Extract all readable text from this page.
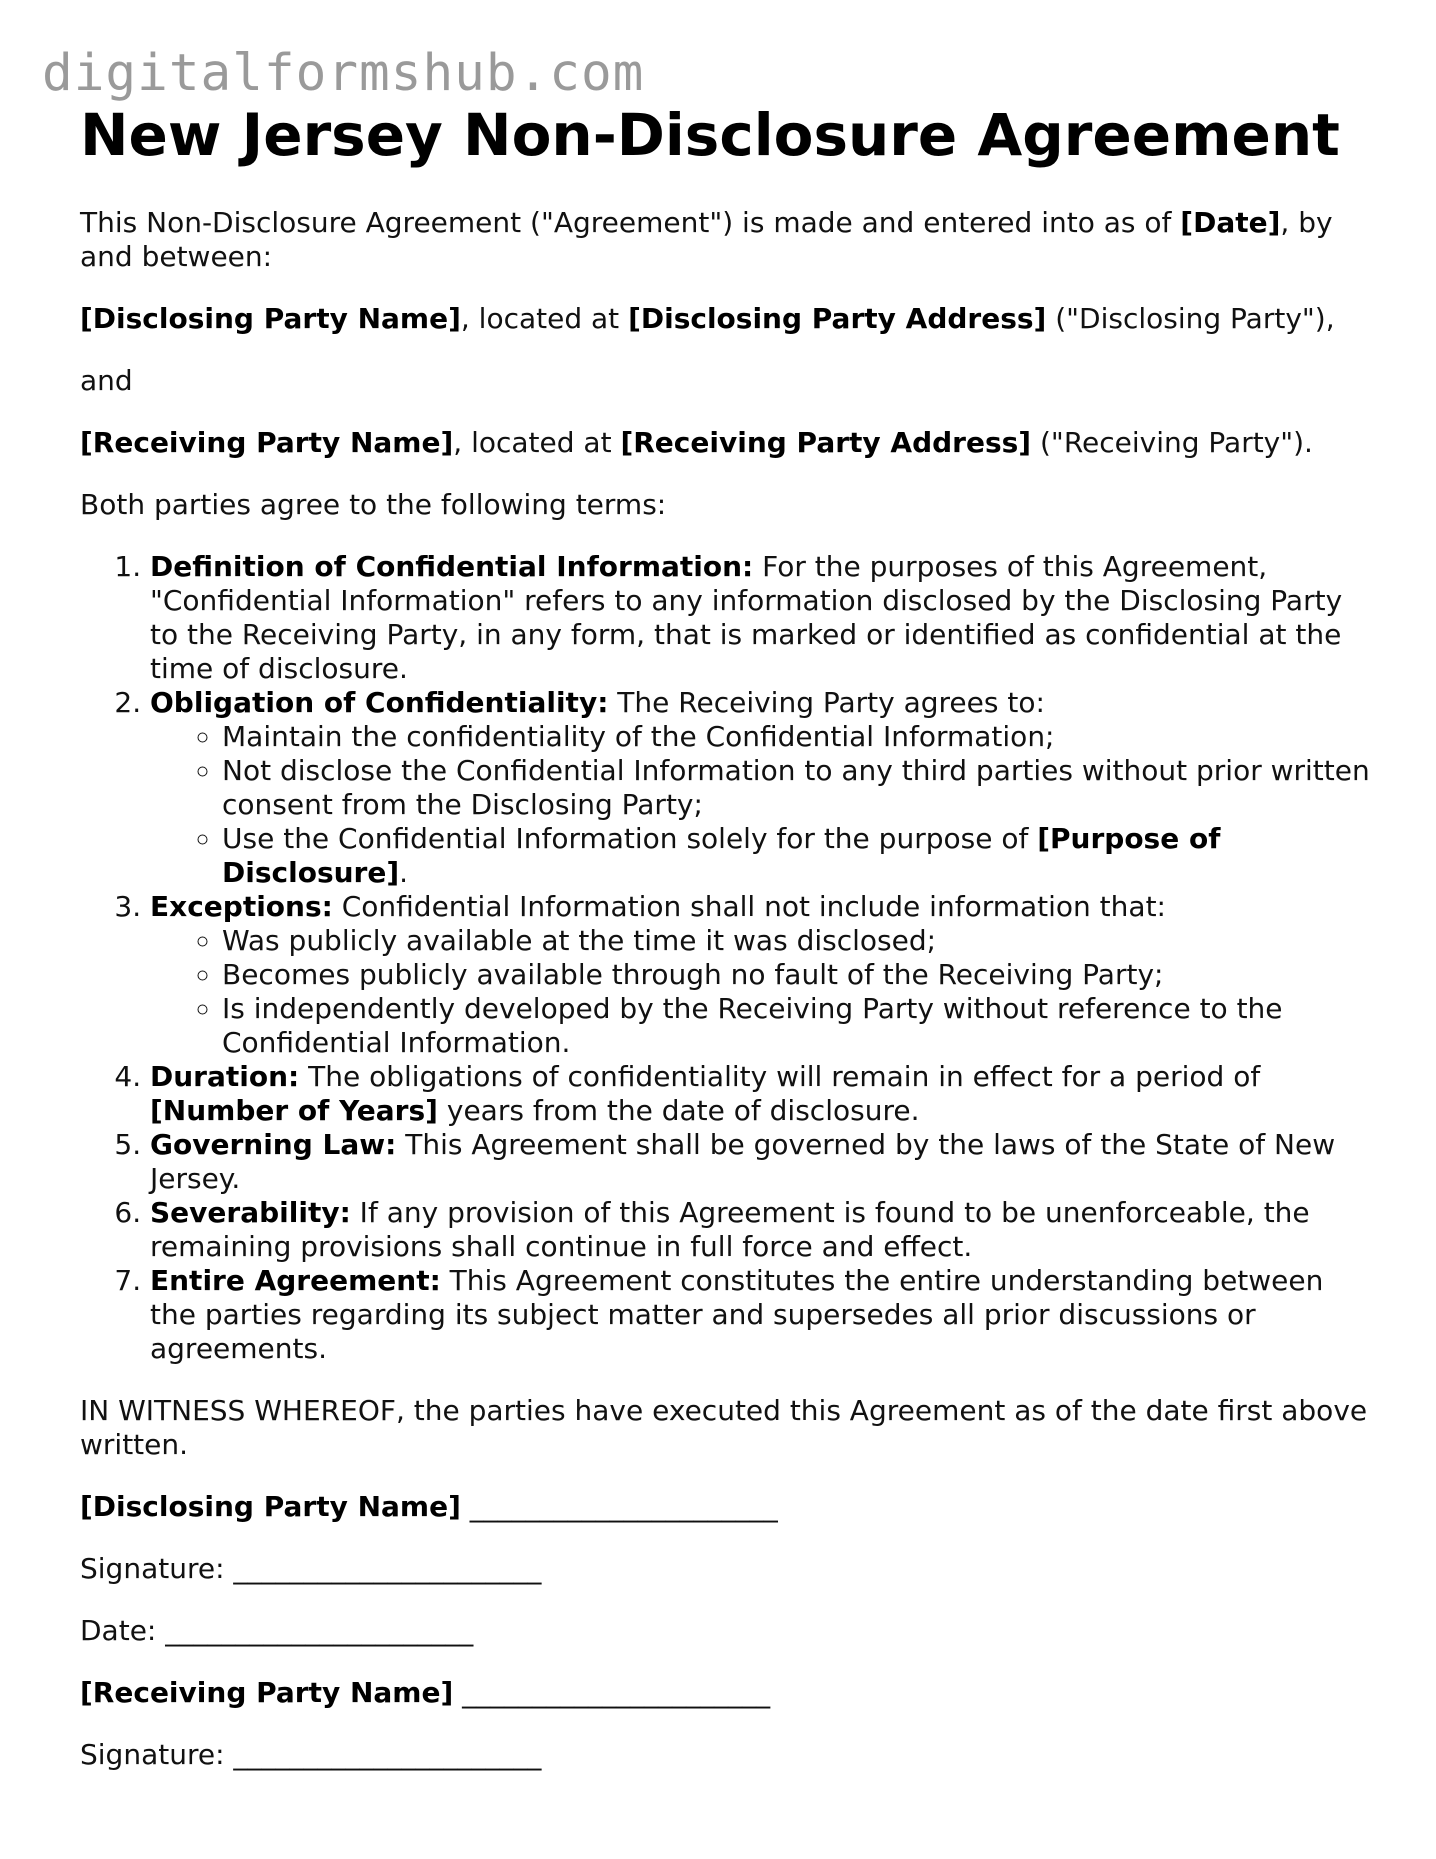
digitalformshub.com
New Jersey Non-Disclosure Agreement

This Non-Disclosure Agreement ("Agreement") is made and entered into as of [Date], by and between:

[Disclosing Party Name], located at [Disclosing Party Address] ("Disclosing Party"),

and

[Receiving Party Name], located at [Receiving Party Address] ("Receiving Party").

Both parties agree to the following terms:

1. Definition of Confidential Information: For the purposes of this Agreement, "Confidential Information" refers to any information disclosed by the Disclosing Party to the Receiving Party, in any form, that is marked or identified as confidential at the time of disclosure.
2. Obligation of Confidentiality: The Receiving Party agrees to:
◦ Maintain the confidentiality of the Confidential Information;
◦ Not disclose the Confidential Information to any third parties without prior written consent from the Disclosing Party;
◦ Use the Confidential Information solely for the purpose of [Purpose of Disclosure].
3. Exceptions: Confidential Information shall not include information that:
◦ Was publicly available at the time it was disclosed;
◦ Becomes publicly available through no fault of the Receiving Party;
◦ Is independently developed by the Receiving Party without reference to the Confidential Information.
4. Duration: The obligations of confidentiality will remain in effect for a period of [Number of Years] years from the date of disclosure.
5. Governing Law: This Agreement shall be governed by the laws of the State of New Jersey.
6. Severability: If any provision of this Agreement is found to be unenforceable, the remaining provisions shall continue in full force and effect.
7. Entire Agreement: This Agreement constitutes the entire understanding between the parties regarding its subject matter and supersedes all prior discussions or agreements.

IN WITNESS WHEREOF, the parties have executed this Agreement as of the date first above written.

[Disclosing Party Name] ______________________

Signature: ______________________

Date: ______________________

[Receiving Party Name] ______________________

Signature: ______________________
